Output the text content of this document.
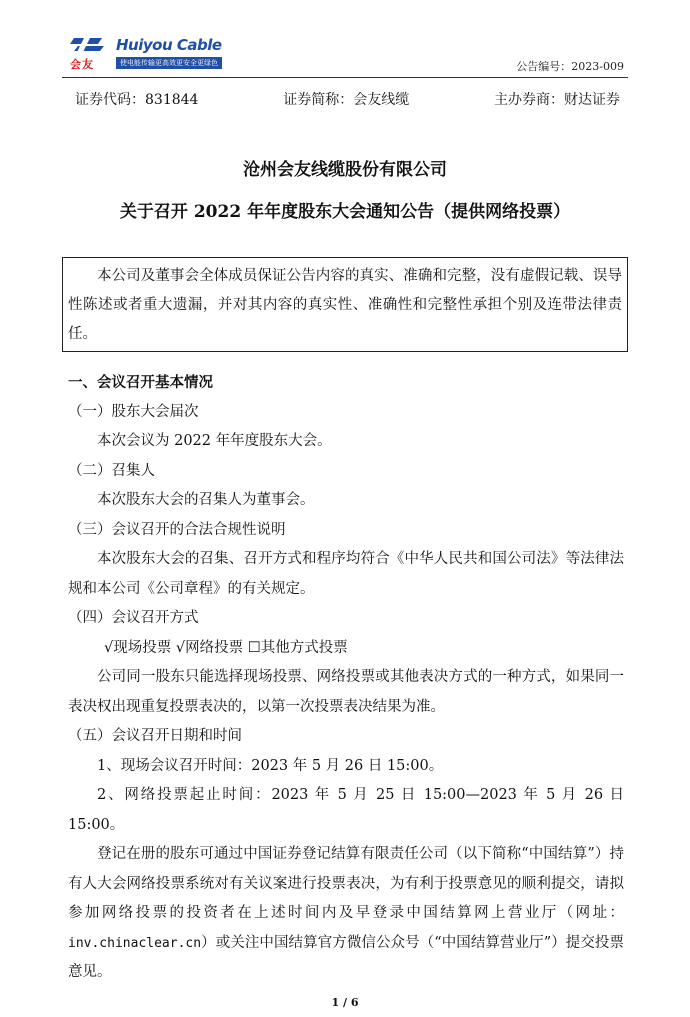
会友
Huiyou Cable
使电能传输更高效更安全更绿色	公告编号：2023-009
证券代码：831844	证券简称：会友线缆	主办券商：财达证券
沧州会友线缆股份有限公司
关于召开 2022 年年度股东大会通知公告（提供网络投票）

本公司及董事会全体成员保证公告内容的真实、准确和完整，没有虚假记载、误导性陈述或者重大遗漏，并对其内容的真实性、准确性和完整性承担个别及连带法律责任。

一、会议召开基本情况

（一）股东大会届次

本次会议为 2022 年年度股东大会。

（二）召集人

本次股东大会的召集人为董事会。

（三）会议召开的合法合规性说明

本次股东大会的召集、召开方式和程序均符合《中华人民共和国公司法》等法律法规和本公司《公司章程》的有关规定。

（四）会议召开方式

√现场投票 √网络投票 ☐其他方式投票

公司同一股东只能选择现场投票、网络投票或其他表决方式的一种方式，如果同一表决权出现重复投票表决的，以第一次投票表决结果为准。

（五）会议召开日期和时间

1、现场会议召开时间：2023 年 5 月 26 日 15:00。

2、网络投票起止时间：2023 年 5 月 25 日 15:00—2023 年 5 月 26 日 15:00。

登记在册的股东可通过中国证券登记结算有限责任公司（以下简称“中国结算”）持有人大会网络投票系统对有关议案进行投票表决，为有利于投票意见的顺利提交，请拟参加网络投票的投资者在上述时间内及早登录中国结算网上营业厅（网址：inv.chinaclear.cn）或关注中国结算官方微信公众号（“中国结算营业厅”）提交投票意见。

1 / 6
